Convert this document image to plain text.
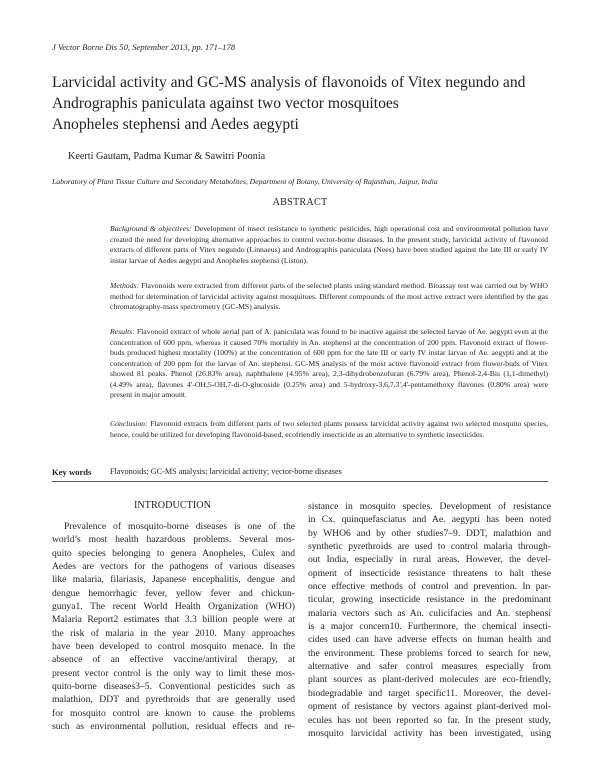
J Vector Borne Dis 50, September 2013, pp. 171–178
Larvicidal activity and GC-MS analysis of flavonoids of Vitex negundo and
Andrographis paniculata against two vector mosquitoes
Anopheles stephensi and Aedes aegypti
Keerti Gautam, Padma Kumar & Sawitri Poonia
Laboratory of Plant Tissue Culture and Secondary Metabolites, Department of Botany, University of Rajasthan, Jaipur, India
ABSTRACT

Background & objectives: Development of insect resistance to synthetic pesticides, high operational cost and environmental pollution have created the need for developing alternative approaches to control vector-borne diseases. In the present study, larvicidal activity of flavonoid extracts of different parts of Vitex negundo (Linnaeus) and Andrographis paniculata (Nees) have been studied against the late III or early IV instar larvae of Aedes aegypti and Anopheles stephensi (Liston).

Methods: Flavonoids were extracted from different parts of the selected plants using standard method. Bioassay test was carried out by WHO method for determination of larvicidal activity against mosquitoes. Different compounds of the most active extract were identified by the gas chromatography-mass spectrometry (GC-MS) analysis.

Results: Flavonoid extract of whole aerial part of A. paniculata was found to be inactive against the selected larvae of Ae. aegypti even at the concentration of 600 ppm, whereas it caused 70% mortality in An. stephensi at the concentration of 200 ppm. Flavonoid extract of flower-buds produced highest mortality (100%) at the concentration of 600 ppm for the late III or early IV instar larvae of Ae. aegypti and at the concentration of 200 ppm for the larvae of An. stephensi. GC-MS analysis of the most active flavonoid extract from flower-buds of Vitex showed 81 peaks. Phenol (26.83% area), naphthalene (4.95% area), 2,3-dihydrobenzofuran (6.79% area), Phenol-2,4-Bis (1,1-dimethyl) (4.49% area), flavones 4'-OH,5-OH,7-di-O-glucoside (0.25% area) and 5-hydroxy-3,6,7,3',4'-pentamethoxy flavones (0.80% area) were present in major amount.

Conclusion: Flavonoid extracts from different parts of two selected plants possess larvicidal activity against two selected mosquito species, hence, could be utilized for developing flavonoid-based, ecofriendly insecticide as an alternative to synthetic insecticides.

Key words Flavonoids; GC-MS analysis; larvicidal activity; vector-borne diseases
INTRODUCTION
Prevalence of mosquito-borne diseases is one of the
world’s most health hazardous problems. Several mos-
quito species belonging to genera Anopheles, Culex and
Aedes are vectors for the pathogens of various diseases
like malaria, filariasis, Japanese encephalitis, dengue and
dengue hemorrhagic fever, yellow fever and chickun-
gunya1. The recent World Health Organization (WHO)
Malaria Report2 estimates that 3.3 billion people were at
the risk of malaria in the year 2010. Many approaches
have been developed to control mosquito menace. In the
absence of an effective vaccine/antiviral therapy, at
present vector control is the only way to limit these mos-
quito-borne diseases3–5. Conventional pesticides such as
malathion, DDT and pyrethroids that are generally used
for mosquito control are known to cause the problems
such as environmental pollution, residual effects and re-
sistance in mosquito species. Development of resistance
in Cx. quinquefasciatus and Ae. aegypti has been noted
by WHO6 and by other studies7–9. DDT, malathion and
synthetic pyrethroids are used to control malaria through-
out India, especially in rural areas. However, the devel-
opment of insecticide resistance threatens to halt these
once effective methods of control and prevention. In par-
ticular, growing insecticide resistance in the predominant
malaria vectors such as An. culicifacies and An. stephensi
is a major concern10. Furthermore, the chemical insecti-
cides used can have adverse effects on human health and
the environment. These problems forced to search for new,
alternative and safer control measures especially from
plant sources as plant-derived molecules are eco-friendly,
biodegradable and target specific11. Moreover, the devel-
opment of resistance by vectors against plant-derived mol-
ecules has not been reported so far. In the present study,
mosquito larvicidal activity has been investigated, using
